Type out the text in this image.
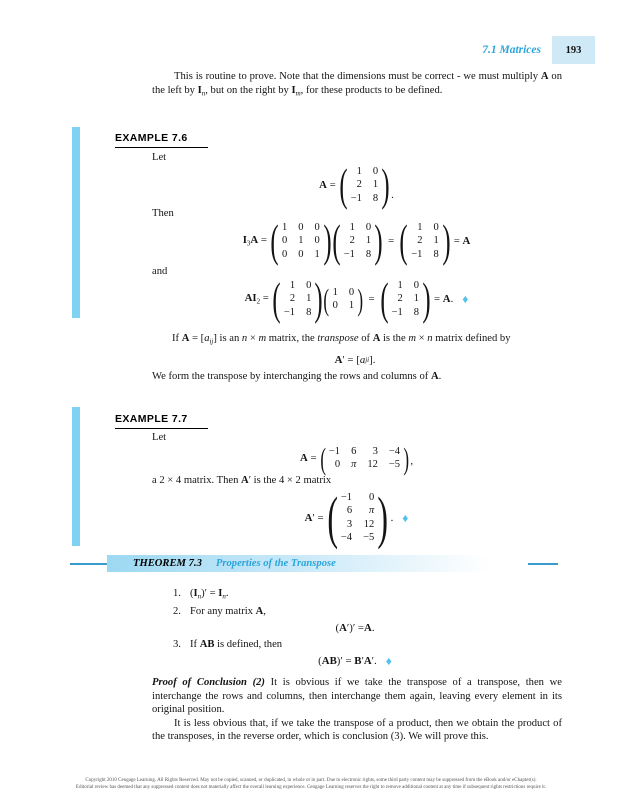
7.1 Matrices	193

This is routine to prove. Note that the dimensions must be correct - we must multiply A on the left by $I_n$, but on the right by $I_m$, for these products to be defined.

EXAMPLE 7.6
Let
A = ( 1 0
2 1
−1 8 ) .
Then
$I_3A$ = ( 1 0 0
0 1 0
0 0 1 ) ( 1 0
2 1
−1 8 ) = ( 1 0
2 1
−1 8 ) = A
and
$AI_2$ = ( 1 0
2 1
−1 8 ) ( 1 0
0 1 ) = ( 1 0
2 1
−1 8 ) = A. ♦

If $A = [a_{ij}]$ is an n × m matrix, the transpose of A is the m × n matrix defined by

A ′ = [ a ji ].

We form the transpose by interchanging the rows and columns of A.

EXAMPLE 7.7
Let
A = ( −1 6 3 −4
0 π 12 −5 ) ,

a 2 × 4 matrix. Then A′ is the 4 × 2 matrix

A′ = ( −1 0
6 π
3 12
−4 −5 ) . ♦
THEOREM 7.3 Properties of the Transpose
1. $(I_n)' = I_n$.
2. For any matrix A,
( A ′)′ = A .
3. If AB is defined, then
(AB)′ = B′A′. ♦

Proof of Conclusion (2) It is obvious if we take the transpose of a transpose, then we interchange the rows and columns, then interchange them again, leaving every element in its original position.

It is less obvious that, if we take the transpose of a product, then we obtain the product of the transposes, in the reverse order, which is conclusion (3). We will prove this.

Copyright 2010 Cengage Learning. All Rights Reserved. May not be copied, scanned, or duplicated, in whole or in part. Due to electronic rights, some third party content may be suppressed from the eBook and/or eChapter(s).
Editorial review has deemed that any suppressed content does not materially affect the overall learning experience. Cengage Learning reserves the right to remove additional content at any time if subsequent rights restrictions require it.
